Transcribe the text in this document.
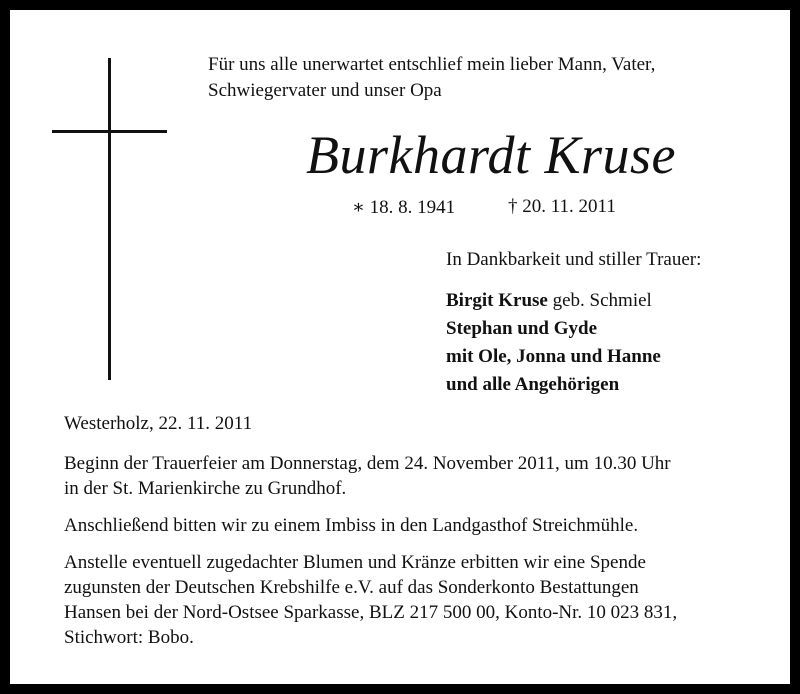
Für uns alle unerwartet entschlief mein lieber Mann, Vater,
Schwiegervater und unser Opa
Burkhardt Kruse
∗ 18. 8. 1941	† 20. 11. 2011
In Dankbarkeit und stiller Trauer:
Birgit Kruse geb. Schmiel
Stephan und Gyde
mit Ole, Jonna und Hanne
und alle Angehörigen
Westerholz, 22. 11. 2011
Beginn der Trauerfeier am Donnerstag, dem 24. November 2011, um 10.30 Uhr
in der St. Marienkirche zu Grundhof.
Anschließend bitten wir zu einem Imbiss in den Landgasthof Streichmühle.
Anstelle eventuell zugedachter Blumen und Kränze erbitten wir eine Spende
zugunsten der Deutschen Krebshilfe e.V. auf das Sonderkonto Bestattungen
Hansen bei der Nord-Ostsee Sparkasse, BLZ 217 500 00, Konto-Nr. 10 023 831,
Stichwort: Bobo.
